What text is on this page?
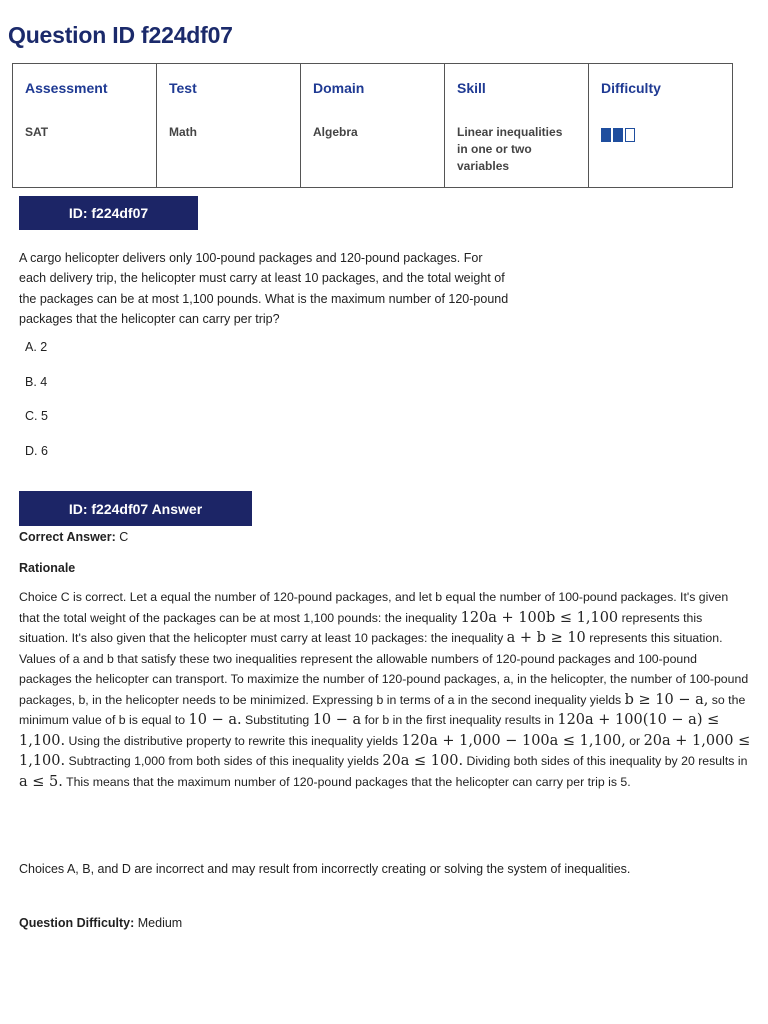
Question ID f224df07
Assessment	Test	Domain	Skill	Difficulty
SAT	Math	Algebra	Linear inequalities in one or two variables	
ID: f224df07

A cargo helicopter delivers only 100-pound packages and 120-pound packages. For each delivery trip, the helicopter must carry at least 10 packages, and the total weight of the packages can be at most 1,100 pounds. What is the maximum number of 120-pound packages that the helicopter can carry per trip?

A. 2
B. 4
C. 5
D. 6
ID: f224df07 Answer
Correct Answer: C
Rationale

Choice C is correct. Let a equal the number of 120-pound packages, and let b equal the number of 100-pound packages. It's given that the total weight of the packages can be at most 1,100 pounds: the inequality 120a + 100b ≤ 1,100 represents this situation. It's also given that the helicopter must carry at least 10 packages: the inequality a + b ≥ 10 represents this situation. Values of a and b that satisfy these two inequalities represent the allowable numbers of 120-pound packages and 100-pound packages the helicopter can transport. To maximize the number of 120-pound packages, a, in the helicopter, the number of 100-pound packages, b, in the helicopter needs to be minimized. Expressing b in terms of a in the second inequality yields b ≥ 10 − a, so the minimum value of b is equal to 10 − a. Substituting 10 − a for b in the first inequality results in 120a + 100(10 − a) ≤ 1,100. Using the distributive property to rewrite this inequality yields 120a + 1,000 − 100a ≤ 1,100, or 20a + 1,000 ≤ 1,100. Subtracting 1,000 from both sides of this inequality yields 20a ≤ 100. Dividing both sides of this inequality by 20 results in a ≤ 5. This means that the maximum number of 120-pound packages that the helicopter can carry per trip is 5.

Choices A, B, and D are incorrect and may result from incorrectly creating or solving the system of inequalities.
Question Difficulty: Medium
